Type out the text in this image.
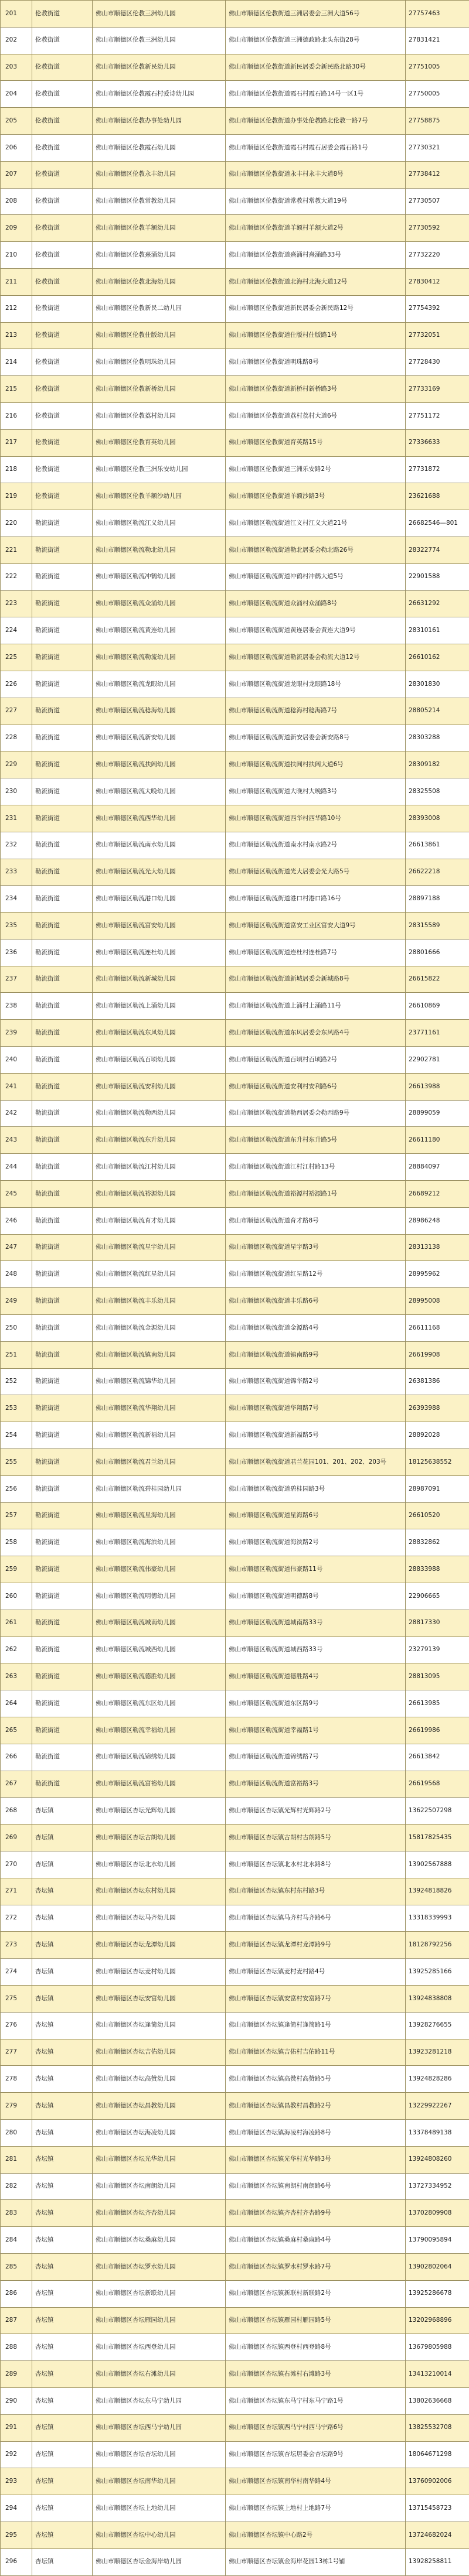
201	伦教街道	佛山市顺德区伦教三洲幼儿园	佛山市顺德区伦教街道三洲居委会三洲大道56号	27757463
202	伦教街道	佛山市顺德区伦教三洲幼儿园	佛山市顺德区伦教街道三洲德政路北头东街28号	27831421
203	伦教街道	佛山市顺德区伦教新民幼儿园	佛山市顺德区伦教街道新民居委会新民路北路30号	27751005
204	伦教街道	佛山市顺德区伦教霞石村爱诗幼儿园	佛山市顺德区伦教街道霞石村霞石路14号一区1号	27750005
205	伦教街道	佛山市顺德区伦教办事处幼儿园	佛山市顺德区伦教街道办事处伦教路北伦教一路7号	27758875
206	伦教街道	佛山市顺德区伦教霞石幼儿园	佛山市顺德区伦教街道霞石村霞石居委会霞石路1号	27730321
207	伦教街道	佛山市顺德区伦教永丰幼儿园	佛山市顺德区伦教街道永丰村永丰大道8号	27738412
208	伦教街道	佛山市顺德区伦教常教幼儿园	佛山市顺德区伦教街道常教村常教大道19号	27730507
209	伦教街道	佛山市顺德区伦教羊额幼儿园	佛山市顺德区伦教街道羊额村羊额大道2号	27730592
210	伦教街道	佛山市顺德区伦教熹涌幼儿园	佛山市顺德区伦教街道熹涌村熹涌路33号	27732220
211	伦教街道	佛山市顺德区伦教北海幼儿园	佛山市顺德区伦教街道北海村北海大道12号	27830412
212	伦教街道	佛山市顺德区伦教新民二幼儿园	佛山市顺德区伦教街道新民居委会新民路12号	27754392
213	伦教街道	佛山市顺德区伦教仕版幼儿园	佛山市顺德区伦教街道仕版村仕版路1号	27732051
214	伦教街道	佛山市顺德区伦教明珠幼儿园	佛山市顺德区伦教街道明珠路8号	27728430
215	伦教街道	佛山市顺德区伦教新桥幼儿园	佛山市顺德区伦教街道新桥村新桥路3号	27733169
216	伦教街道	佛山市顺德区伦教荔村幼儿园	佛山市顺德区伦教街道荔村荔村大道6号	27751172
217	伦教街道	佛山市顺德区伦教育英幼儿园	佛山市顺德区伦教街道育英路15号	27336633
218	伦教街道	佛山市顺德区伦教三洲乐安幼儿园	佛山市顺德区伦教街道三洲乐安路2号	27731872
219	伦教街道	佛山市顺德区伦教羊额沙幼儿园	佛山市顺德区伦教街道羊额沙路3号	23621688
220	勒流街道	佛山市顺德区勒流江义幼儿园	佛山市顺德区勒流街道江义村江义大道21号	26682546—801
221	勒流街道	佛山市顺德区勒流勒北幼儿园	佛山市顺德区勒流街道勒北居委会勒北路26号	28322774
222	勒流街道	佛山市顺德区勒流冲鹤幼儿园	佛山市顺德区勒流街道冲鹤村冲鹤大道5号	22901588
223	勒流街道	佛山市顺德区勒流众涌幼儿园	佛山市顺德区勒流街道众涌村众涌路8号	26631292
224	勒流街道	佛山市顺德区勒流黄连幼儿园	佛山市顺德区勒流街道黄连居委会黄连大道9号	28310161
225	勒流街道	佛山市顺德区勒流勒流幼儿园	佛山市顺德区勒流街道勒流居委会勒流大道12号	26610162
226	勒流街道	佛山市顺德区勒流龙眼幼儿园	佛山市顺德区勒流街道龙眼村龙眼路18号	28301830
227	勒流街道	佛山市顺德区勒流稔海幼儿园	佛山市顺德区勒流街道稔海村稔海路7号	28805214
228	勒流街道	佛山市顺德区勒流新安幼儿园	佛山市顺德区勒流街道新安居委会新安路8号	28303288
229	勒流街道	佛山市顺德区勒流扶闾幼儿园	佛山市顺德区勒流街道扶闾村扶闾大道6号	28309182
230	勒流街道	佛山市顺德区勒流大晚幼儿园	佛山市顺德区勒流街道大晚村大晚路3号	28325508
231	勒流街道	佛山市顺德区勒流西华幼儿园	佛山市顺德区勒流街道西华村西华路10号	28393008
232	勒流街道	佛山市顺德区勒流南水幼儿园	佛山市顺德区勒流街道南水村南水路2号	26613861
233	勒流街道	佛山市顺德区勒流光大幼儿园	佛山市顺德区勒流街道光大居委会光大路5号	26622218
234	勒流街道	佛山市顺德区勒流港口幼儿园	佛山市顺德区勒流街道港口村港口路16号	28897188
235	勒流街道	佛山市顺德区勒流富安幼儿园	佛山市顺德区勒流街道富安工业区富安大道9号	28315589
236	勒流街道	佛山市顺德区勒流连杜幼儿园	佛山市顺德区勒流街道连杜村连杜路7号	28801666
237	勒流街道	佛山市顺德区勒流新城幼儿园	佛山市顺德区勒流街道新城居委会新城路8号	26615822
238	勒流街道	佛山市顺德区勒流上涌幼儿园	佛山市顺德区勒流街道上涌村上涌路11号	26610869
239	勒流街道	佛山市顺德区勒流东风幼儿园	佛山市顺德区勒流街道东风居委会东风路4号	23771161
240	勒流街道	佛山市顺德区勒流百顷幼儿园	佛山市顺德区勒流街道百顷村百顷路2号	22902781
241	勒流街道	佛山市顺德区勒流安利幼儿园	佛山市顺德区勒流街道安利村安利路6号	26613988
242	勒流街道	佛山市顺德区勒流勒西幼儿园	佛山市顺德区勒流街道勒西居委会勒西路9号	28899059
243	勒流街道	佛山市顺德区勒流东升幼儿园	佛山市顺德区勒流街道东升村东升路5号	26611180
244	勒流街道	佛山市顺德区勒流江村幼儿园	佛山市顺德区勒流街道江村江村路13号	28884097
245	勒流街道	佛山市顺德区勒流裕源幼儿园	佛山市顺德区勒流街道裕源村裕源路1号	26689212
246	勒流街道	佛山市顺德区勒流育才幼儿园	佛山市顺德区勒流街道育才路8号	28986248
247	勒流街道	佛山市顺德区勒流星宇幼儿园	佛山市顺德区勒流街道星宇路3号	28313138
248	勒流街道	佛山市顺德区勒流红星幼儿园	佛山市顺德区勒流街道红星路12号	28995962
249	勒流街道	佛山市顺德区勒流丰乐幼儿园	佛山市顺德区勒流街道丰乐路6号	28995008
250	勒流街道	佛山市顺德区勒流金源幼儿园	佛山市顺德区勒流街道金源路4号	26611168
251	勒流街道	佛山市顺德区勒流镇南幼儿园	佛山市顺德区勒流街道镇南路9号	26619908
252	勒流街道	佛山市顺德区勒流锦华幼儿园	佛山市顺德区勒流街道锦华路2号	26381386
253	勒流街道	佛山市顺德区勒流华翔幼儿园	佛山市顺德区勒流街道华翔路7号	26393988
254	勒流街道	佛山市顺德区勒流新福幼儿园	佛山市顺德区勒流街道新福路5号	28892028
255	勒流街道	佛山市顺德区勒流君兰幼儿园	佛山市顺德区勒流街道君兰花园101、201、202、203号	18125638552
256	勒流街道	佛山市顺德区勒流碧桂园幼儿园	佛山市顺德区勒流街道碧桂园路3号	28987091
257	勒流街道	佛山市顺德区勒流星海幼儿园	佛山市顺德区勒流街道星海路6号	26610520
258	勒流街道	佛山市顺德区勒流海滨幼儿园	佛山市顺德区勒流街道海滨路2号	28832862
259	勒流街道	佛山市顺德区勒流伟豪幼儿园	佛山市顺德区勒流街道伟豪路11号	28833988
260	勒流街道	佛山市顺德区勒流明德幼儿园	佛山市顺德区勒流街道明德路8号	22906665
261	勒流街道	佛山市顺德区勒流城南幼儿园	佛山市顺德区勒流街道城南路33号	28817330
262	勒流街道	佛山市顺德区勒流城西幼儿园	佛山市顺德区勒流街道城西路33号	23279139
263	勒流街道	佛山市顺德区勒流德胜幼儿园	佛山市顺德区勒流街道德胜路4号	28813095
264	勒流街道	佛山市顺德区勒流东区幼儿园	佛山市顺德区勒流街道东区路9号	26613985
265	勒流街道	佛山市顺德区勒流幸福幼儿园	佛山市顺德区勒流街道幸福路1号	26619986
266	勒流街道	佛山市顺德区勒流锦绣幼儿园	佛山市顺德区勒流街道锦绣路7号	26613842
267	勒流街道	佛山市顺德区勒流富裕幼儿园	佛山市顺德区勒流街道富裕路3号	26619568
268	杏坛镇	佛山市顺德区杏坛光辉幼儿园	佛山市顺德区杏坛镇光辉村光辉路2号	13622507298
269	杏坛镇	佛山市顺德区杏坛古朗幼儿园	佛山市顺德区杏坛镇古朗村古朗路5号	15817825435
270	杏坛镇	佛山市顺德区杏坛北水幼儿园	佛山市顺德区杏坛镇北水村北水路8号	13902567888
271	杏坛镇	佛山市顺德区杏坛东村幼儿园	佛山市顺德区杏坛镇东村东村路3号	13924818826
272	杏坛镇	佛山市顺德区杏坛马齐幼儿园	佛山市顺德区杏坛镇马齐村马齐路6号	13318339993
273	杏坛镇	佛山市顺德区杏坛龙潭幼儿园	佛山市顺德区杏坛镇龙潭村龙潭路9号	18128792256
274	杏坛镇	佛山市顺德区杏坛麦村幼儿园	佛山市顺德区杏坛镇麦村麦村路4号	13925285166
275	杏坛镇	佛山市顺德区杏坛安富幼儿园	佛山市顺德区杏坛镇安富村安富路7号	13924838808
276	杏坛镇	佛山市顺德区杏坛逢简幼儿园	佛山市顺德区杏坛镇逢简村逢简路1号	13928276655
277	杏坛镇	佛山市顺德区杏坛吉佑幼儿园	佛山市顺德区杏坛镇吉佑村吉佑路11号	13923281218
278	杏坛镇	佛山市顺德区杏坛高赞幼儿园	佛山市顺德区杏坛镇高赞村高赞路5号	13924828286
279	杏坛镇	佛山市顺德区杏坛昌教幼儿园	佛山市顺德区杏坛镇昌教村昌教路2号	13229922267
280	杏坛镇	佛山市顺德区杏坛海凌幼儿园	佛山市顺德区杏坛镇海凌村海凌路8号	13378489138
281	杏坛镇	佛山市顺德区杏坛光华幼儿园	佛山市顺德区杏坛镇光华村光华路3号	13924808260
282	杏坛镇	佛山市顺德区杏坛南朗幼儿园	佛山市顺德区杏坛镇南朗村南朗路6号	13727334952
283	杏坛镇	佛山市顺德区杏坛齐杏幼儿园	佛山市顺德区杏坛镇齐杏村齐杏路9号	13702809908
284	杏坛镇	佛山市顺德区杏坛桑麻幼儿园	佛山市顺德区杏坛镇桑麻村桑麻路4号	13790095894
285	杏坛镇	佛山市顺德区杏坛罗水幼儿园	佛山市顺德区杏坛镇罗水村罗水路7号	13902802064
286	杏坛镇	佛山市顺德区杏坛新联幼儿园	佛山市顺德区杏坛镇新联村新联路2号	13925286678
287	杏坛镇	佛山市顺德区杏坛雁园幼儿园	佛山市顺德区杏坛镇雁园村雁园路5号	13202968896
288	杏坛镇	佛山市顺德区杏坛西登幼儿园	佛山市顺德区杏坛镇西登村西登路8号	13679805988
289	杏坛镇	佛山市顺德区杏坛右滩幼儿园	佛山市顺德区杏坛镇右滩村右滩路3号	13413210014
290	杏坛镇	佛山市顺德区杏坛东马宁幼儿园	佛山市顺德区杏坛镇东马宁村东马宁路1号	13802636668
291	杏坛镇	佛山市顺德区杏坛西马宁幼儿园	佛山市顺德区杏坛镇西马宁村西马宁路6号	13825532708
292	杏坛镇	佛山市顺德区杏坛杏坛幼儿园	佛山市顺德区杏坛镇杏坛居委会杏坛路9号	18064671298
293	杏坛镇	佛山市顺德区杏坛南华幼儿园	佛山市顺德区杏坛镇南华村南华路4号	13760902006
294	杏坛镇	佛山市顺德区杏坛上地幼儿园	佛山市顺德区杏坛镇上地村上地路7号	13715458723
295	杏坛镇	佛山市顺德区杏坛中心幼儿园	佛山市顺德区杏坛镇中心路2号	13724682024
296	杏坛镇	佛山市顺德区杏坛金海岸幼儿园	佛山市顺德区杏坛镇金海岸花园13栋1号铺	13928258811
